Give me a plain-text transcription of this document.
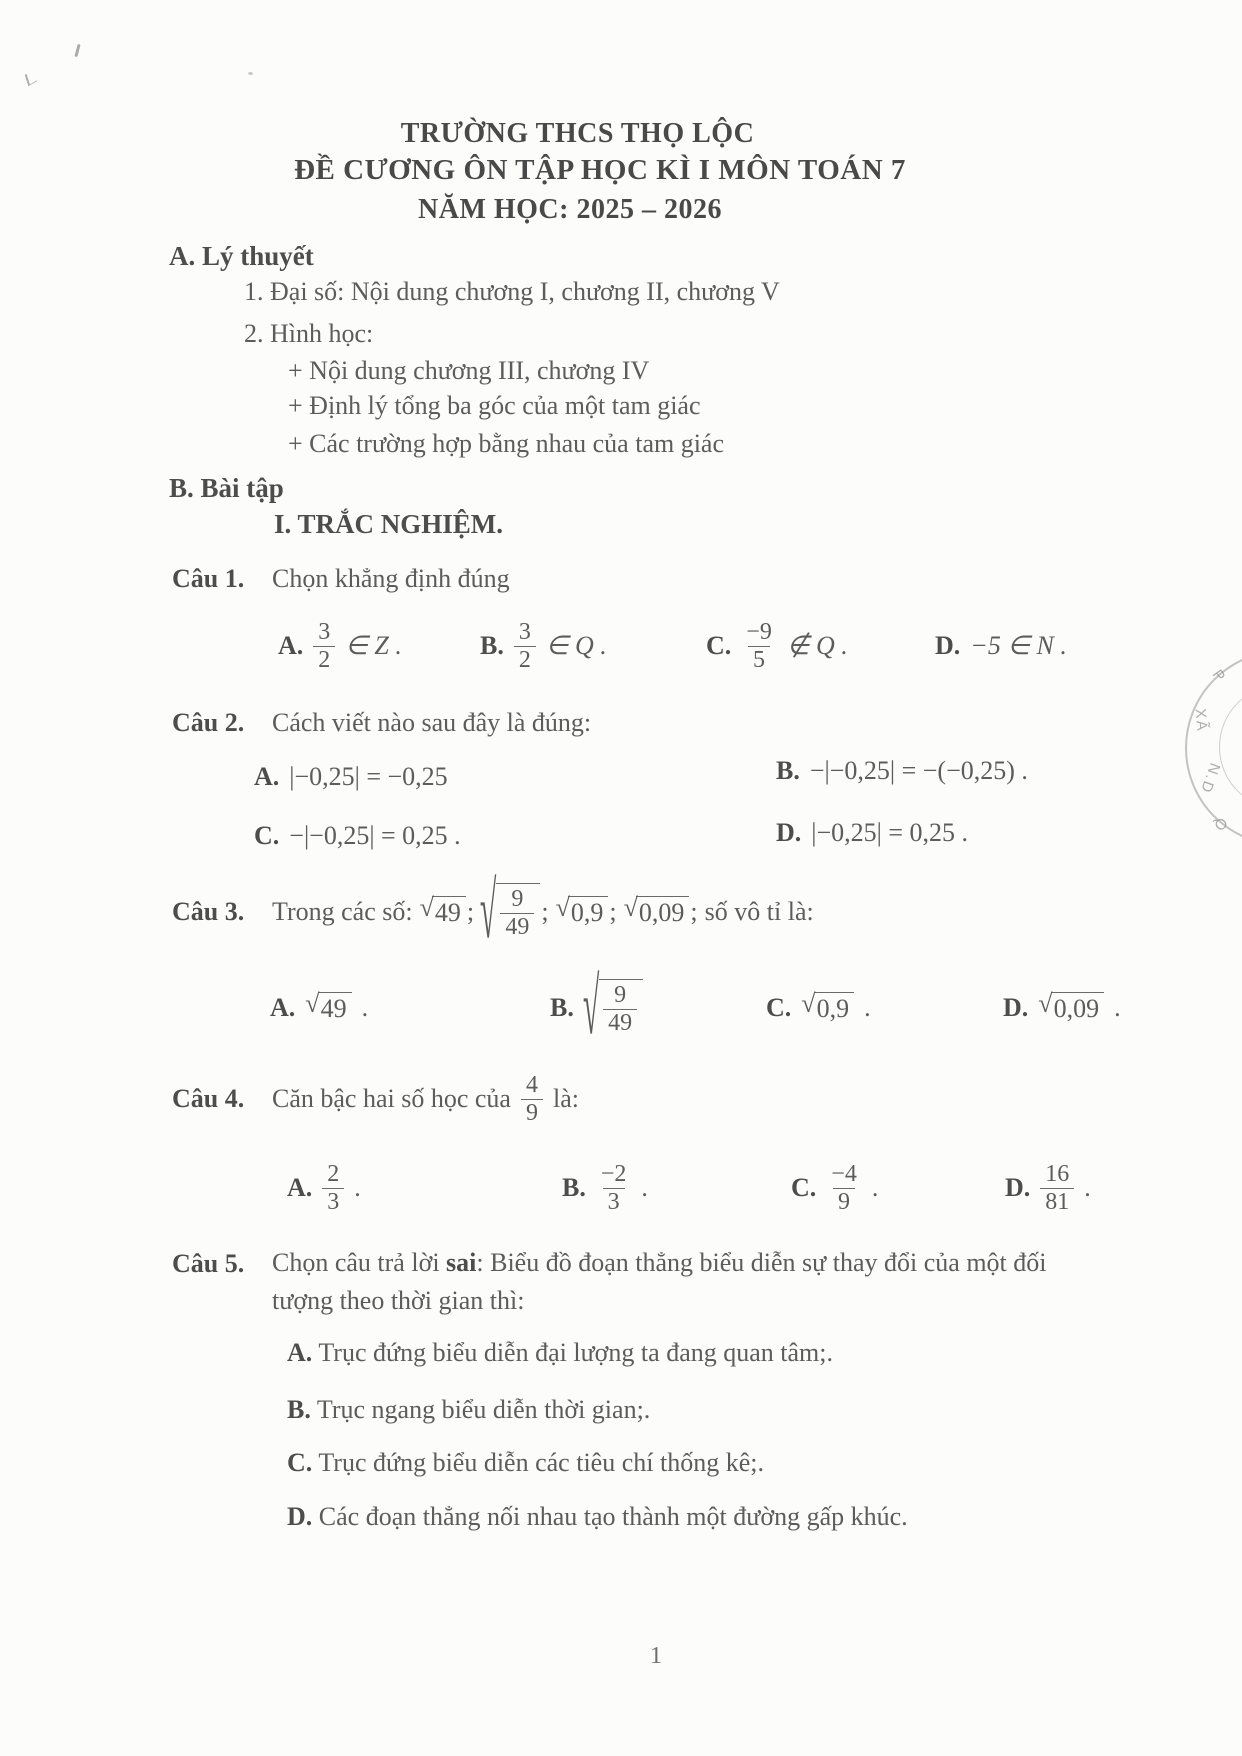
TRƯỜNG THCS THỌ LỘC
ĐỀ CƯƠNG ÔN TẬP HỌC KÌ I MÔN TOÁN 7
NĂM HỌC: 2025 – 2026
A. Lý thuyết
1. Đại số: Nội dung chương I, chương II, chương V
2. Hình học:
+ Nội dung chương III, chương IV
+ Định lý tổng ba góc của một tam giác
+ Các trường hợp bằng nhau của tam giác
B. Bài tập
I. TRẮC NGHIỆM.
Câu 1.	Chọn khẳng định đúng
A. $\frac{3}{2}$ ∈ Z .	B. $\frac{3}{2}$ ∈ Q .	C. $\frac{-9}{5}$ ∉ Q .	D. −5 ∈ N .
Câu 2.	Cách viết nào sau đây là đúng:
A. |−0,25| = −0,25	B. −|−0,25| = −(−0,25) .
C. −|−0,25| = 0,25 .	D. |−0,25| = 0,25 .
Câu 3.	Trong các số: √ 49 ; √ $\frac{9}{49}$ ; √ 0,9 ; √ 0,09 ; số vô tỉ là:
A. √ 49 .	B. √ $\frac{9}{49}$	C. √ 0,9 .	D. √ 0,09 .
Câu 4.	Căn bậc hai số học của $\frac{4}{9}$ là:
A. $\frac{2}{3}$ .	B. $\frac{-2}{3}$ .	C. $\frac{-4}{9}$ .	D. $\frac{16}{81}$ .
Câu 5. Chọn câu trả lời sai: Biểu đồ đoạn thẳng biểu diễn sự thay đổi của một đối tượng theo thời gian thì:
A. Trục đứng biểu diễn đại lượng ta đang quan tâm;.
B. Trục ngang biểu diễn thời gian;.
C. Trục đứng biểu diễn các tiêu chí thống kê;.
D. Các đoạn thẳng nối nhau tạo thành một đường gấp khúc.
P
XÃ
N.D
Q
1
